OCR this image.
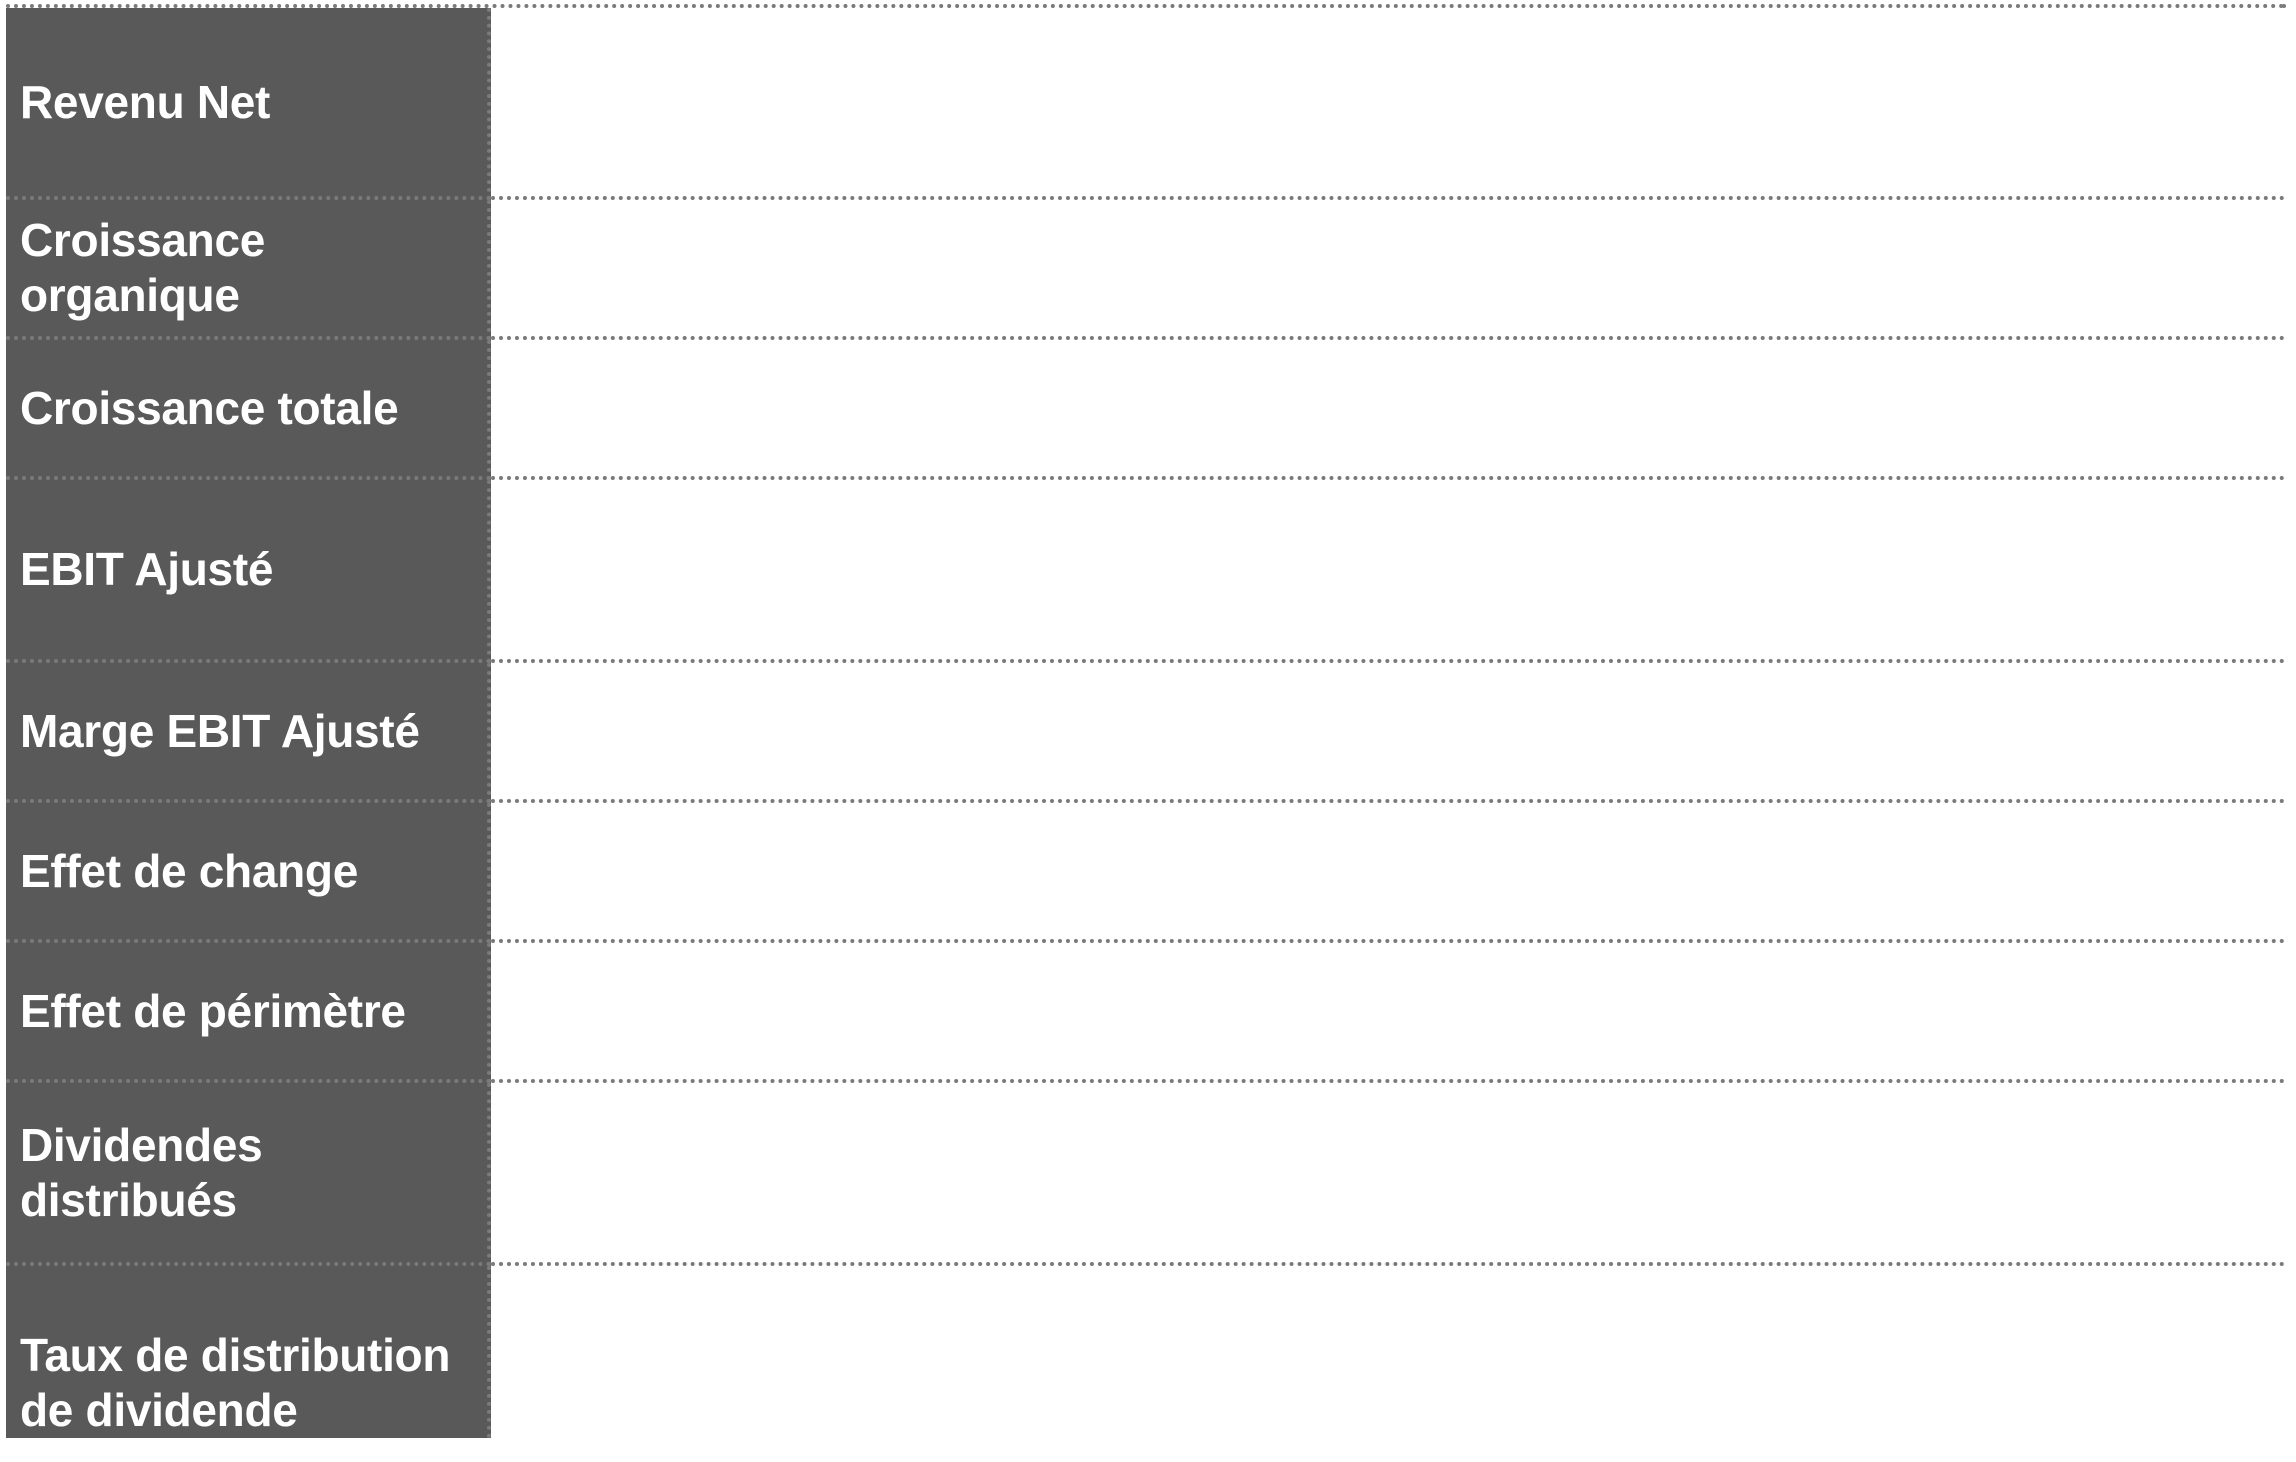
Revenu Net
Croissance organique
Croissance totale
EBIT Ajusté
Marge EBIT Ajusté
Effet de change
Effet de périmètre
Dividendes distribués
Taux de distribution de dividende
